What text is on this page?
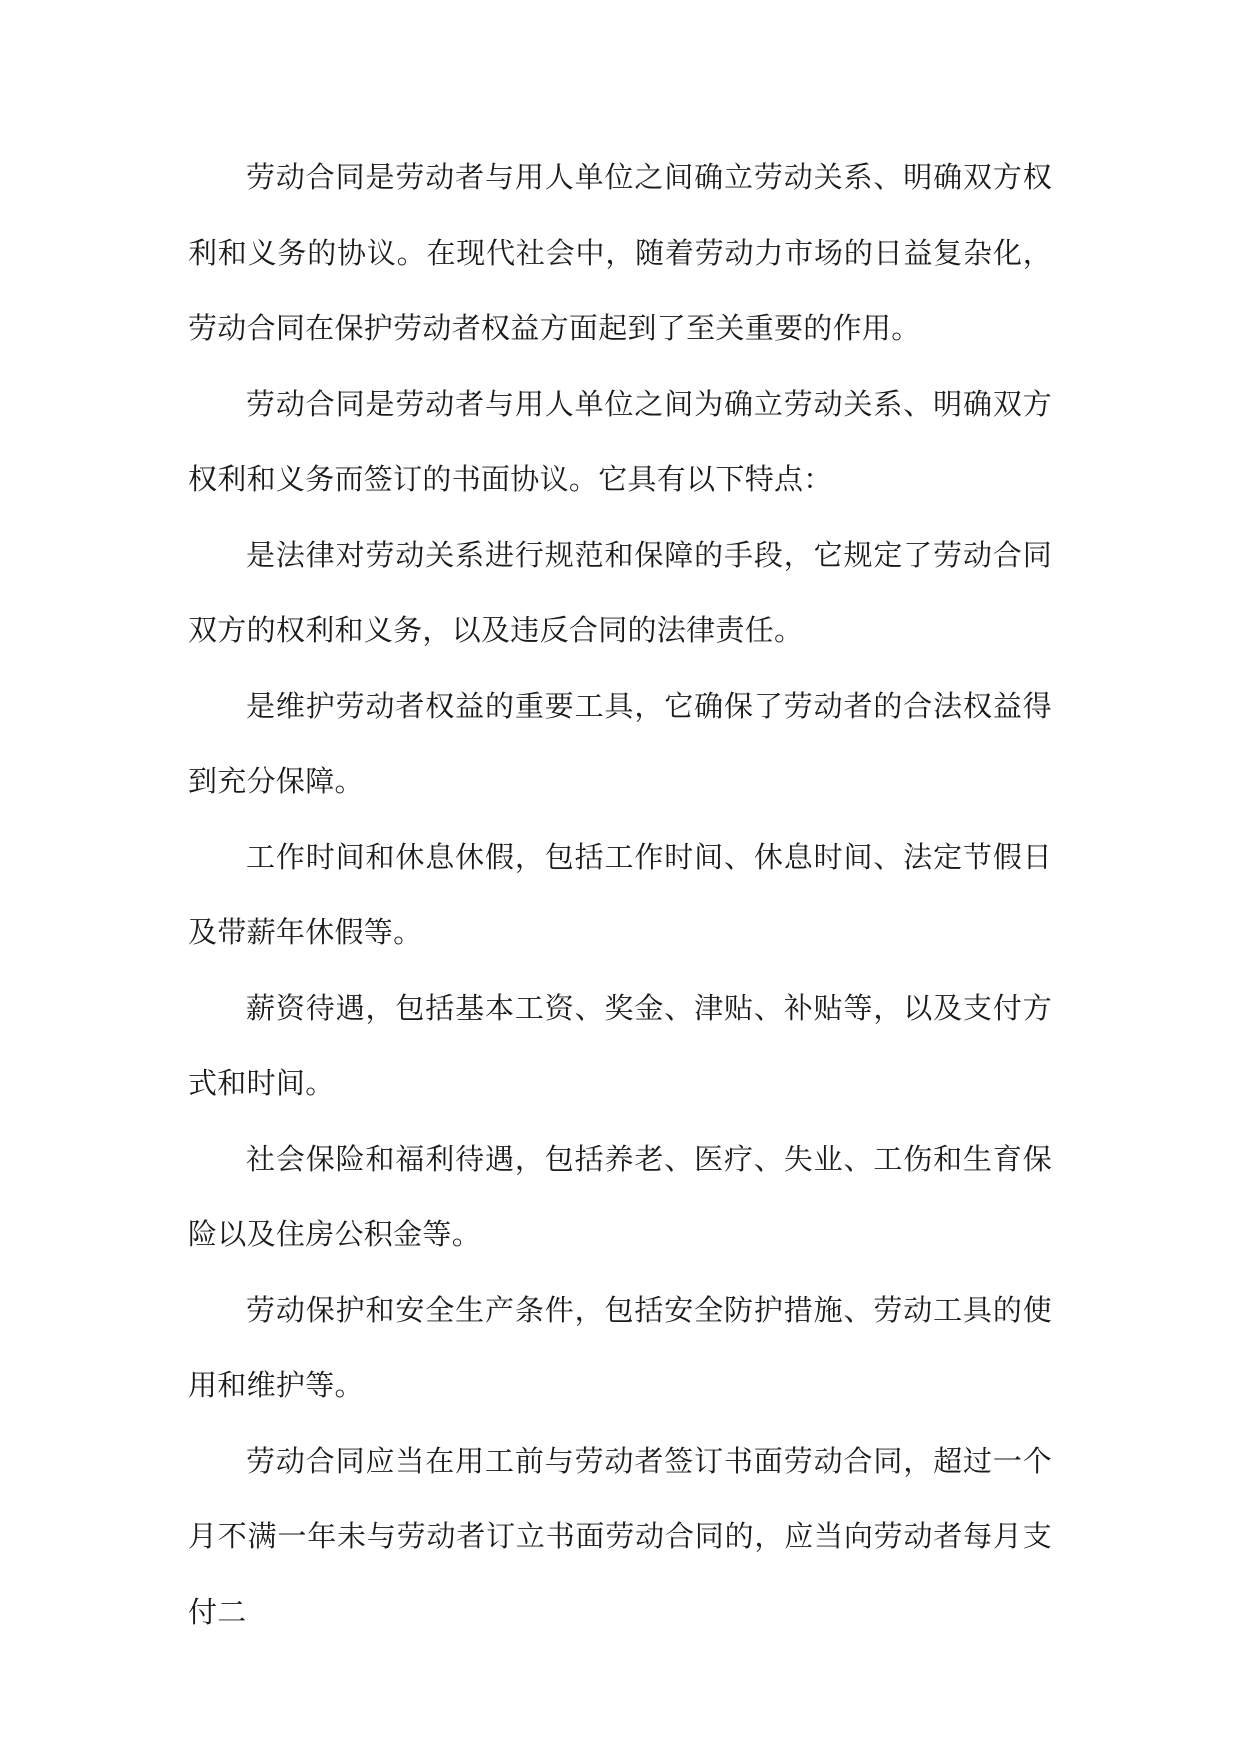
劳动合同是劳动者与用人单位之间确立劳动关系、明确双方权利和义务的协议。在现代社会中，随着劳动力市场的日益复杂化，劳动合同在保护劳动者权益方面起到了至关重要的作用。

劳动合同是劳动者与用人单位之间为确立劳动关系、明确双方权利和义务而签订的书面协议。它具有以下特点：

是法律对劳动关系进行规范和保障的手段，它规定了劳动合同双方的权利和义务，以及违反合同的法律责任。

是维护劳动者权益的重要工具，它确保了劳动者的合法权益得到充分保障。

工作时间和休息休假，包括工作时间、休息时间、法定节假日及带薪年休假等。

薪资待遇，包括基本工资、奖金、津贴、补贴等，以及支付方式和时间。

社会保险和福利待遇，包括养老、医疗、失业、工伤和生育保险以及住房公积金等。

劳动保护和安全生产条件，包括安全防护措施、劳动工具的使用和维护等。

劳动合同应当在用工前与劳动者签订书面劳动合同，超过一个月不满一年未与劳动者订立书面劳动合同的，应当向劳动者每月支付二
